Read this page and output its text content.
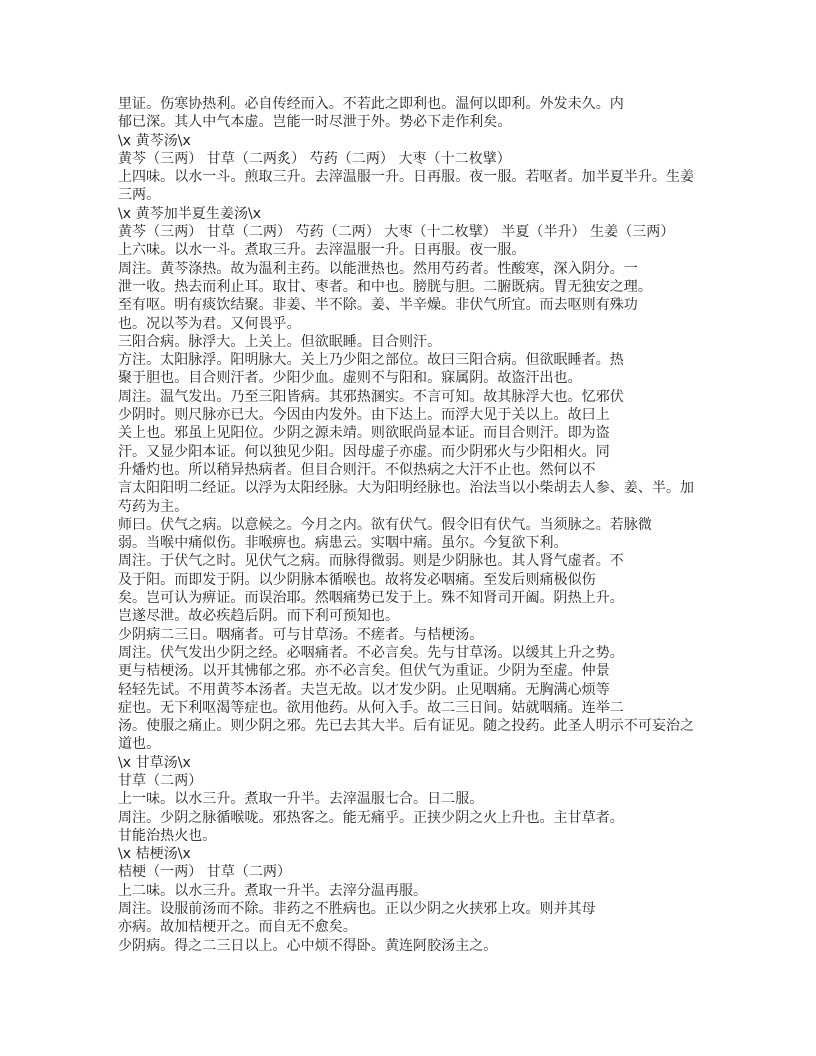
里证。伤寒协热利。必自传经而入。不若此之即利也。温何以即利。外发未久。内
郁已深。其人中气本虚。岂能一时尽泄于外。势必下走作利矣。
\x 黄芩汤\x
黄芩（三两） 甘草（二两炙） 芍药（二两） 大枣（十二枚擘）
上四味。以水一斗。煎取三升。去滓温服一升。日再服。夜一服。若呕者。加半夏半升。生姜
三两。
\x 黄芩加半夏生姜汤\x
黄芩（三两） 甘草（二两） 芍药（二两） 大枣（十二枚擘） 半夏（半升） 生姜（三两）
上六味。以水一斗。煮取三升。去滓温服一升。日再服。夜一服。
周注。黄芩涤热。故为温利主药。以能泄热也。然用芍药者。性酸寒，深入阴分。一
泄一收。热去而利止耳。取甘、枣者。和中也。膀胱与胆。二腑既病。胃无独安之理。
至有呕。明有痰饮结聚。非姜、半不除。姜、半辛燥。非伏气所宜。而去呕则有殊功
也。况以芩为君。又何畏乎。
三阳合病。脉浮大。上关上。但欲眠睡。目合则汗。
方注。太阳脉浮。阳明脉大。关上乃少阳之部位。故曰三阳合病。但欲眠睡者。热
聚于胆也。目合则汗者。少阳少血。虚则不与阳和。寐属阴。故盗汗出也。
周注。温气发出。乃至三阳皆病。其邪热溷实。不言可知。故其脉浮大也。忆邪伏
少阴时。则尺脉亦已大。今因由内发外。由下达上。而浮大见于关以上。故曰上
关上也。邪虽上见阳位。少阴之源未靖。则欲眠尚显本证。而目合则汗。即为盗
汗。又显少阳本证。何以独见少阳。因母虚子亦虚。而少阴邪火与少阳相火。同
升燔灼也。所以稍异热病者。但目合则汗。不似热病之大汗不止也。然何以不
言太阳阳明二经证。以浮为太阳经脉。大为阳明经脉也。治法当以小柴胡去人参、姜、半。加
芍药为主。
师曰。伏气之病。以意候之。今月之内。欲有伏气。假令旧有伏气。当须脉之。若脉微
弱。当喉中痛似伤。非喉痹也。病患云。实咽中痛。虽尔。今复欲下利。
周注。于伏气之时。见伏气之病。而脉得微弱。则是少阴脉也。其人肾气虚者。不
及于阳。而即发于阴。以少阴脉本循喉也。故将发必咽痛。至发后则痛极似伤
矣。岂可认为痹证。而误治耶。然咽痛势已发于上。殊不知肾司开阖。阴热上升。
岂遂尽泄。故必疾趋后阴。而下利可预知也。
少阴病二三日。咽痛者。可与甘草汤。不瘥者。与桔梗汤。
周注。伏气发出少阴之经。必咽痛者。不必言矣。先与甘草汤。以缓其上升之势。
更与桔梗汤。以开其怫郁之邪。亦不必言矣。但伏气为重证。少阴为至虚。仲景
轻轻先试。不用黄芩本汤者。夫岂无故。以才发少阴。止见咽痛。无胸满心烦等
症也。无下利呕渴等症也。欲用他药。从何入手。故二三日间。姑就咽痛。连举二
汤。使服之痛止。则少阴之邪。先已去其大半。后有证见。随之投药。此圣人明示不可妄治之
道也。
\x 甘草汤\x
甘草（二两）
上一味。以水三升。煮取一升半。去滓温服七合。日二服。
周注。少阴之脉循喉咙。邪热客之。能无痛乎。正挟少阴之火上升也。主甘草者。
甘能治热火也。
\x 桔梗汤\x
桔梗（一两） 甘草（二两）
上二味。以水三升。煮取一升半。去滓分温再服。
周注。设服前汤而不除。非药之不胜病也。正以少阴之火挟邪上攻。则并其母
亦病。故加桔梗开之。而自无不愈矣。
少阴病。得之二三日以上。心中烦不得卧。黄连阿胶汤主之。
